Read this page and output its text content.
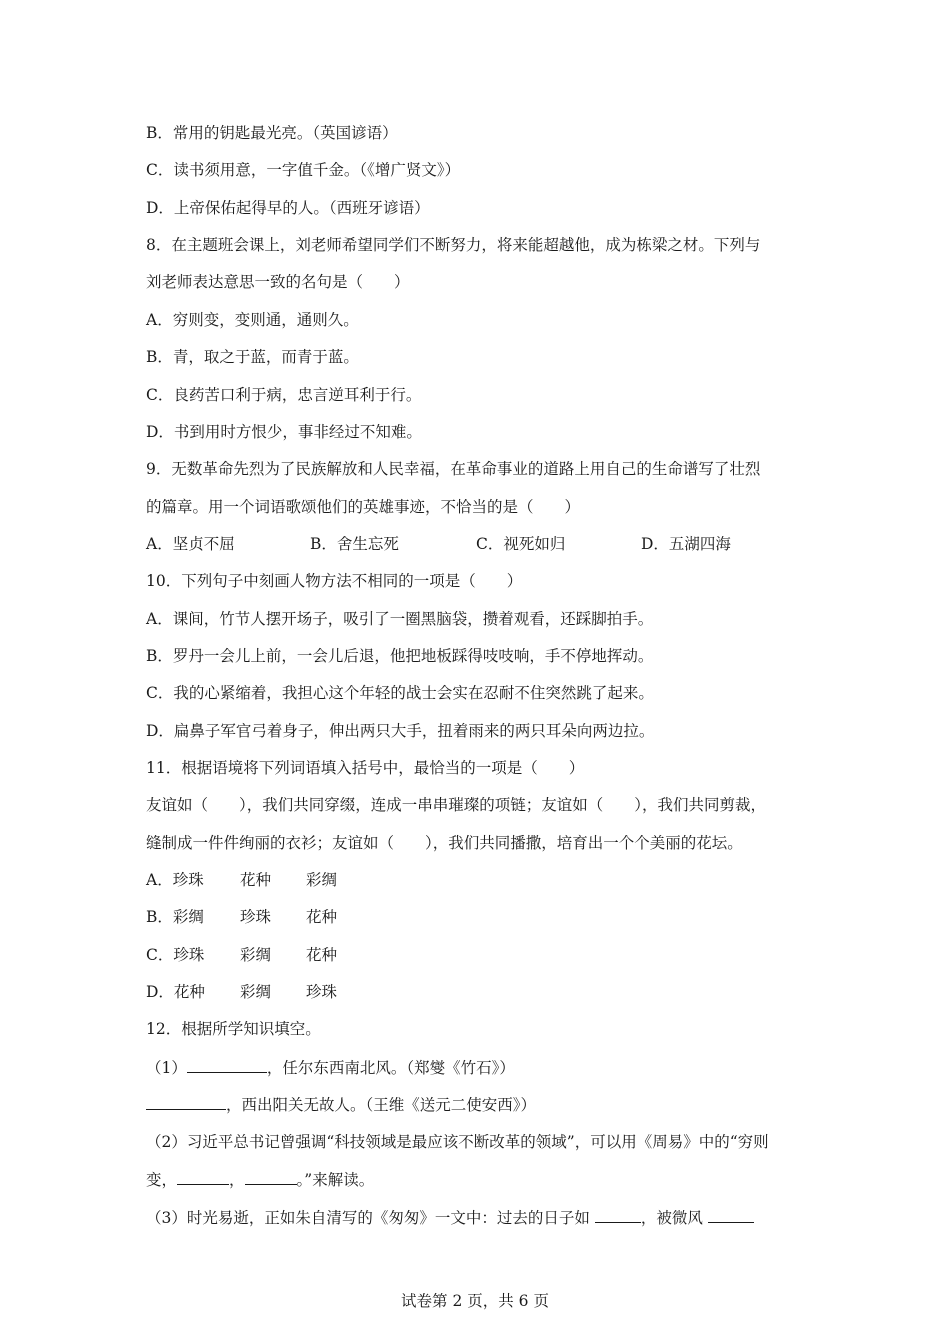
B．常用的钥匙最光亮。（英国谚语）
C．读书须用意，一字值千金。（《增广贤文》）
D．上帝保佑起得早的人。（西班牙谚语）
8．在主题班会课上，刘老师希望同学们不断努力，将来能超越他，成为栋梁之材。下列与
刘老师表达意思一致的名句是（　　）
A．穷则变，变则通，通则久。
B．青，取之于蓝，而青于蓝。
C．良药苦口利于病，忠言逆耳利于行。
D．书到用时方恨少，事非经过不知难。
9．无数革命先烈为了民族解放和人民幸福，在革命事业的道路上用自己的生命谱写了壮烈
的篇章。用一个词语歌颂他们的英雄事迹，不恰当的是（　　）
A．坚贞不屈	B．舍生忘死	C．视死如归	D．五湖四海
10．下列句子中刻画人物方法不相同的一项是（　　）
A．课间，竹节人摆开场子，吸引了一圈黑脑袋，攒着观看，还踩脚拍手。
B．罗丹一会儿上前，一会儿后退，他把地板踩得吱吱响，手不停地挥动。
C．我的心紧缩着，我担心这个年轻的战士会实在忍耐不住突然跳了起来。
D．扁鼻子军官弓着身子，伸出两只大手，扭着雨来的两只耳朵向两边拉。
11．根据语境将下列词语填入括号中，最恰当的一项是（　　）
友谊如（　　），我们共同穿缀，连成一串串璀璨的项链；友谊如（　　），我们共同剪裁，
缝制成一件件绚丽的衣衫；友谊如（　　），我们共同播撒，培育出一个个美丽的花坛。
A．珍珠 花种 彩绸
B．彩绸 珍珠 花种
C．珍珠 彩绸 花种
D．花种 彩绸 珍珠
12．根据所学知识填空。
（1）	，任尔东西南北风。（郑燮《竹石》）
，西出阳关无故人。（王维《送元二使安西》）
（2）习近平总书记曾强调“科技领域是最应该不断改革的领域”，可以用《周易》中的“穷则
变，	，	。”来解读。
（3）时光易逝，正如朱自清写的《匆匆》一文中：过去的日子如	，被微风
试卷第 2 页，共 6 页
